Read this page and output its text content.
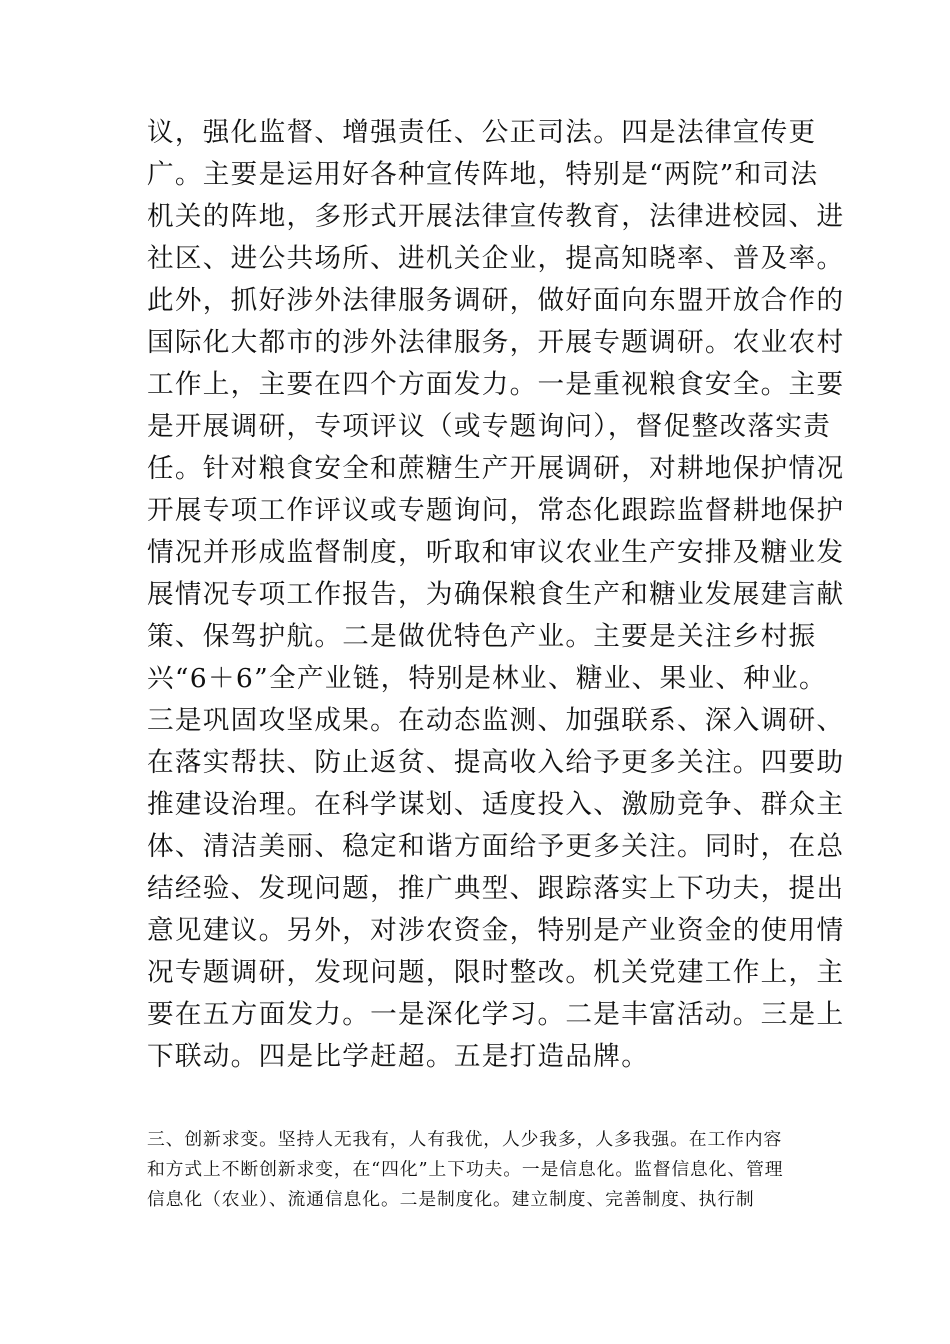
议，强化监督、增强责任、公正司法。四是法律宣传更
广。主要是运用好各种宣传阵地，特别是“两院”和司法
机关的阵地，多形式开展法律宣传教育，法律进校园、进
社区、进公共场所、进机关企业，提高知晓率、普及率。
此外，抓好涉外法律服务调研，做好面向东盟开放合作的
国际化大都市的涉外法律服务，开展专题调研。农业农村
工作上，主要在四个方面发力。一是重视粮食安全。主要
是开展调研，专项评议（或专题询问），督促整改落实责
任。针对粮食安全和蔗糖生产开展调研，对耕地保护情况
开展专项工作评议或专题询问，常态化跟踪监督耕地保护
情况并形成监督制度，听取和审议农业生产安排及糖业发
展情况专项工作报告，为确保粮食生产和糖业发展建言献
策、保驾护航。二是做优特色产业。主要是关注乡村振
兴“6＋6”全产业链，特别是林业、糖业、果业、种业。
三是巩固攻坚成果。在动态监测、加强联系、深入调研、
在落实帮扶、防止返贫、提高收入给予更多关注。四要助
推建设治理。在科学谋划、适度投入、激励竞争、群众主
体、清洁美丽、稳定和谐方面给予更多关注。同时，在总
结经验、发现问题，推广典型、跟踪落实上下功夫，提出
意见建议。另外，对涉农资金，特别是产业资金的使用情
况专题调研，发现问题，限时整改。机关党建工作上，主
要在五方面发力。一是深化学习。二是丰富活动。三是上
下联动。四是比学赶超。五是打造品牌。
三、创新求变。坚持人无我有，人有我优，人少我多，人多我强。在工作内容
和方式上不断创新求变，在“四化”上下功夫。一是信息化。监督信息化、管理
信息化（农业）、流通信息化。二是制度化。建立制度、完善制度、执行制
